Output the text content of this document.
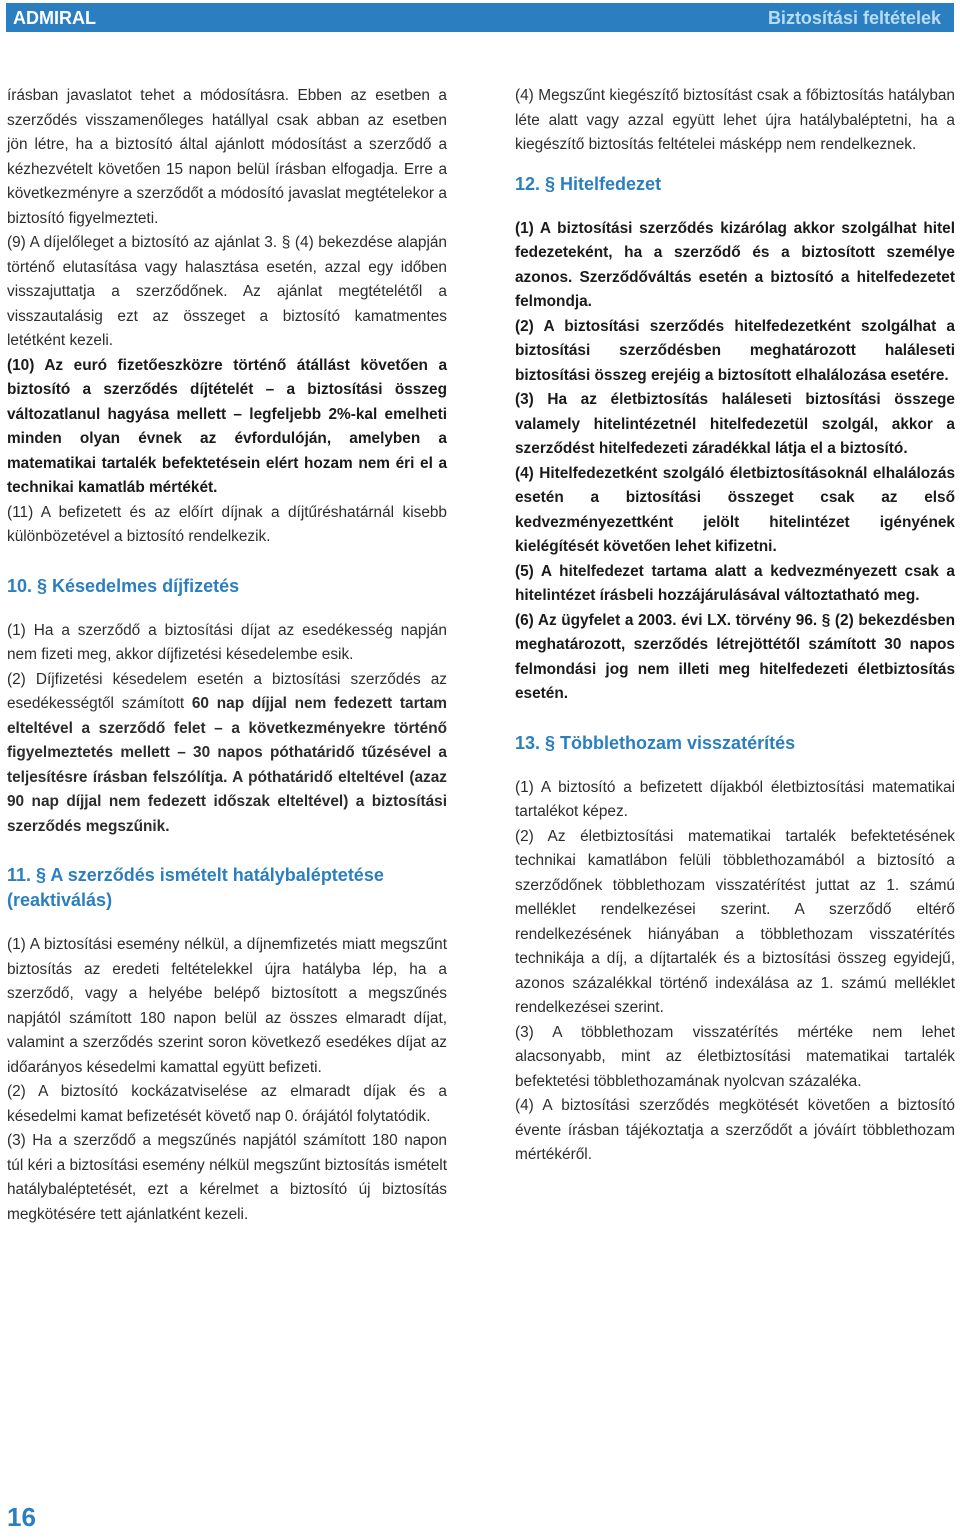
ADMIRAL	Biztosítási feltételek

írásban javaslatot tehet a módosításra. Ebben az esetben a szerződés visszamenőleges hatállyal csak abban az esetben jön létre, ha a biztosító által ajánlott módosítást a szerződő a kézhezvételt követően 15 napon belül írásban elfogadja. Erre a következményre a szerződőt a módosító javaslat megtételekor a biztosító figyelmezteti.

(9) A díjelőleget a biztosító az ajánlat 3. § (4) bekezdése alapján történő elutasítása vagy halasztása esetén, azzal egy időben visszajuttatja a szerződőnek. Az ajánlat megtételétől a visszautalásig ezt az összeget a biztosító kamatmentes letétként kezeli.

(10) Az euró fizetőeszközre történő átállást követően a biztosító a szerződés díjtételét – a biztosítási összeg változatlanul hagyása mellett – legfeljebb 2%-kal emelheti minden olyan évnek az évfordulóján, amelyben a matematikai tartalék befektetésein elért hozam nem éri el a technikai kamatláb mértékét.

(11) A befizetett és az előírt díjnak a díjtűréshatárnál kisebb különbözetével a biztosító rendelkezik.

10. § Késedelmes díjfizetés

(1) Ha a szerződő a biztosítási díjat az esedékesség napján nem fizeti meg, akkor díjfizetési késedelembe esik.

(2) Díjfizetési késedelem esetén a biztosítási szerződés az esedékességtől számított 60 nap díjjal nem fedezett tartam elteltével a szerződő felet – a következményekre történő figyelmeztetés mellett – 30 napos póthatáridő tűzésével a teljesítésre írásban felszólítja. A póthatáridő elteltével (azaz 90 nap díjjal nem fedezett időszak elteltével) a biztosítási szerződés megszűnik.

11. § A szerződés ismételt hatálybaléptetése (reaktiválás)

(1) A biztosítási esemény nélkül, a díjnemfizetés miatt megszűnt biztosítás az eredeti feltételekkel újra hatályba lép, ha a szerződő, vagy a helyébe belépő biztosított a megszűnés napjától számított 180 napon belül az összes elmaradt díjat, valamint a szerződés szerint soron következő esedékes díjat az időarányos késedelmi kamattal együtt befizeti.

(2) A biztosító kockázatviselése az elmaradt díjak és a késedelmi kamat befizetését követő nap 0. órájától folytatódik.

(3) Ha a szerződő a megszűnés napjától számított 180 napon túl kéri a biztosítási esemény nélkül megszűnt biztosítás ismételt hatálybaléptetését, ezt a kérelmet a biztosító új biztosítás megkötésére tett ajánlatként kezeli.

(4) Megszűnt kiegészítő biztosítást csak a főbiztosítás hatályban léte alatt vagy azzal együtt lehet újra hatálybaléptetni, ha a kiegészítő biztosítás feltételei másképp nem rendelkeznek.

12. § Hitelfedezet

(1) A biztosítási szerződés kizárólag akkor szolgálhat hitel fedezeteként, ha a szerződő és a biztosított személye azonos. Szerződőváltás esetén a biztosító a hitelfedezetet felmondja.

(2) A biztosítási szerződés hitelfedezetként szolgálhat a biztosítási szerződésben meghatározott haláleseti biztosítási összeg erejéig a biztosított elhalálozása esetére.

(3) Ha az életbiztosítás haláleseti biztosítási összege valamely hitelintézetnél hitelfedezetül szolgál, akkor a szerződést hitelfedezeti záradékkal látja el a biztosító.

(4) Hitelfedezetként szolgáló életbiztosításoknál elhalálozás esetén a biztosítási összeget csak az első kedvezményezettként jelölt hitelintézet igényének kielégítését követően lehet kifizetni.

(5) A hitelfedezet tartama alatt a kedvezményezett csak a hitelintézet írásbeli hozzájárulásával változtatható meg.

(6) Az ügyfelet a 2003. évi LX. törvény 96. § (2) bekezdésben meghatározott, szerződés létrejöttétől számított 30 napos felmondási jog nem illeti meg hitelfedezeti életbiztosítás esetén.

13. § Többlethozam visszatérítés

(1) A biztosító a befizetett díjakból életbiztosítási matematikai tartalékot képez.

(2) Az életbiztosítási matematikai tartalék befektetésének technikai kamatlábon felüli többlethozamából a biztosító a szerződőnek többlethozam visszatérítést juttat az 1. számú melléklet rendelkezései szerint. A szerződő eltérő rendelkezésének hiányában a többlethozam visszatérítés technikája a díj, a díjtartalék és a biztosítási összeg egyidejű, azonos százalékkal történő indexálása az 1. számú melléklet rendelkezései szerint.

(3) A többlethozam visszatérítés mértéke nem lehet alacsonyabb, mint az életbiztosítási matematikai tartalék befektetési többlethozamának nyolcvan százaléka.

(4) A biztosítási szerződés megkötését követően a biztosító évente írásban tájékoztatja a szerződőt a jóváírt többlethozam mértékéről.

16
